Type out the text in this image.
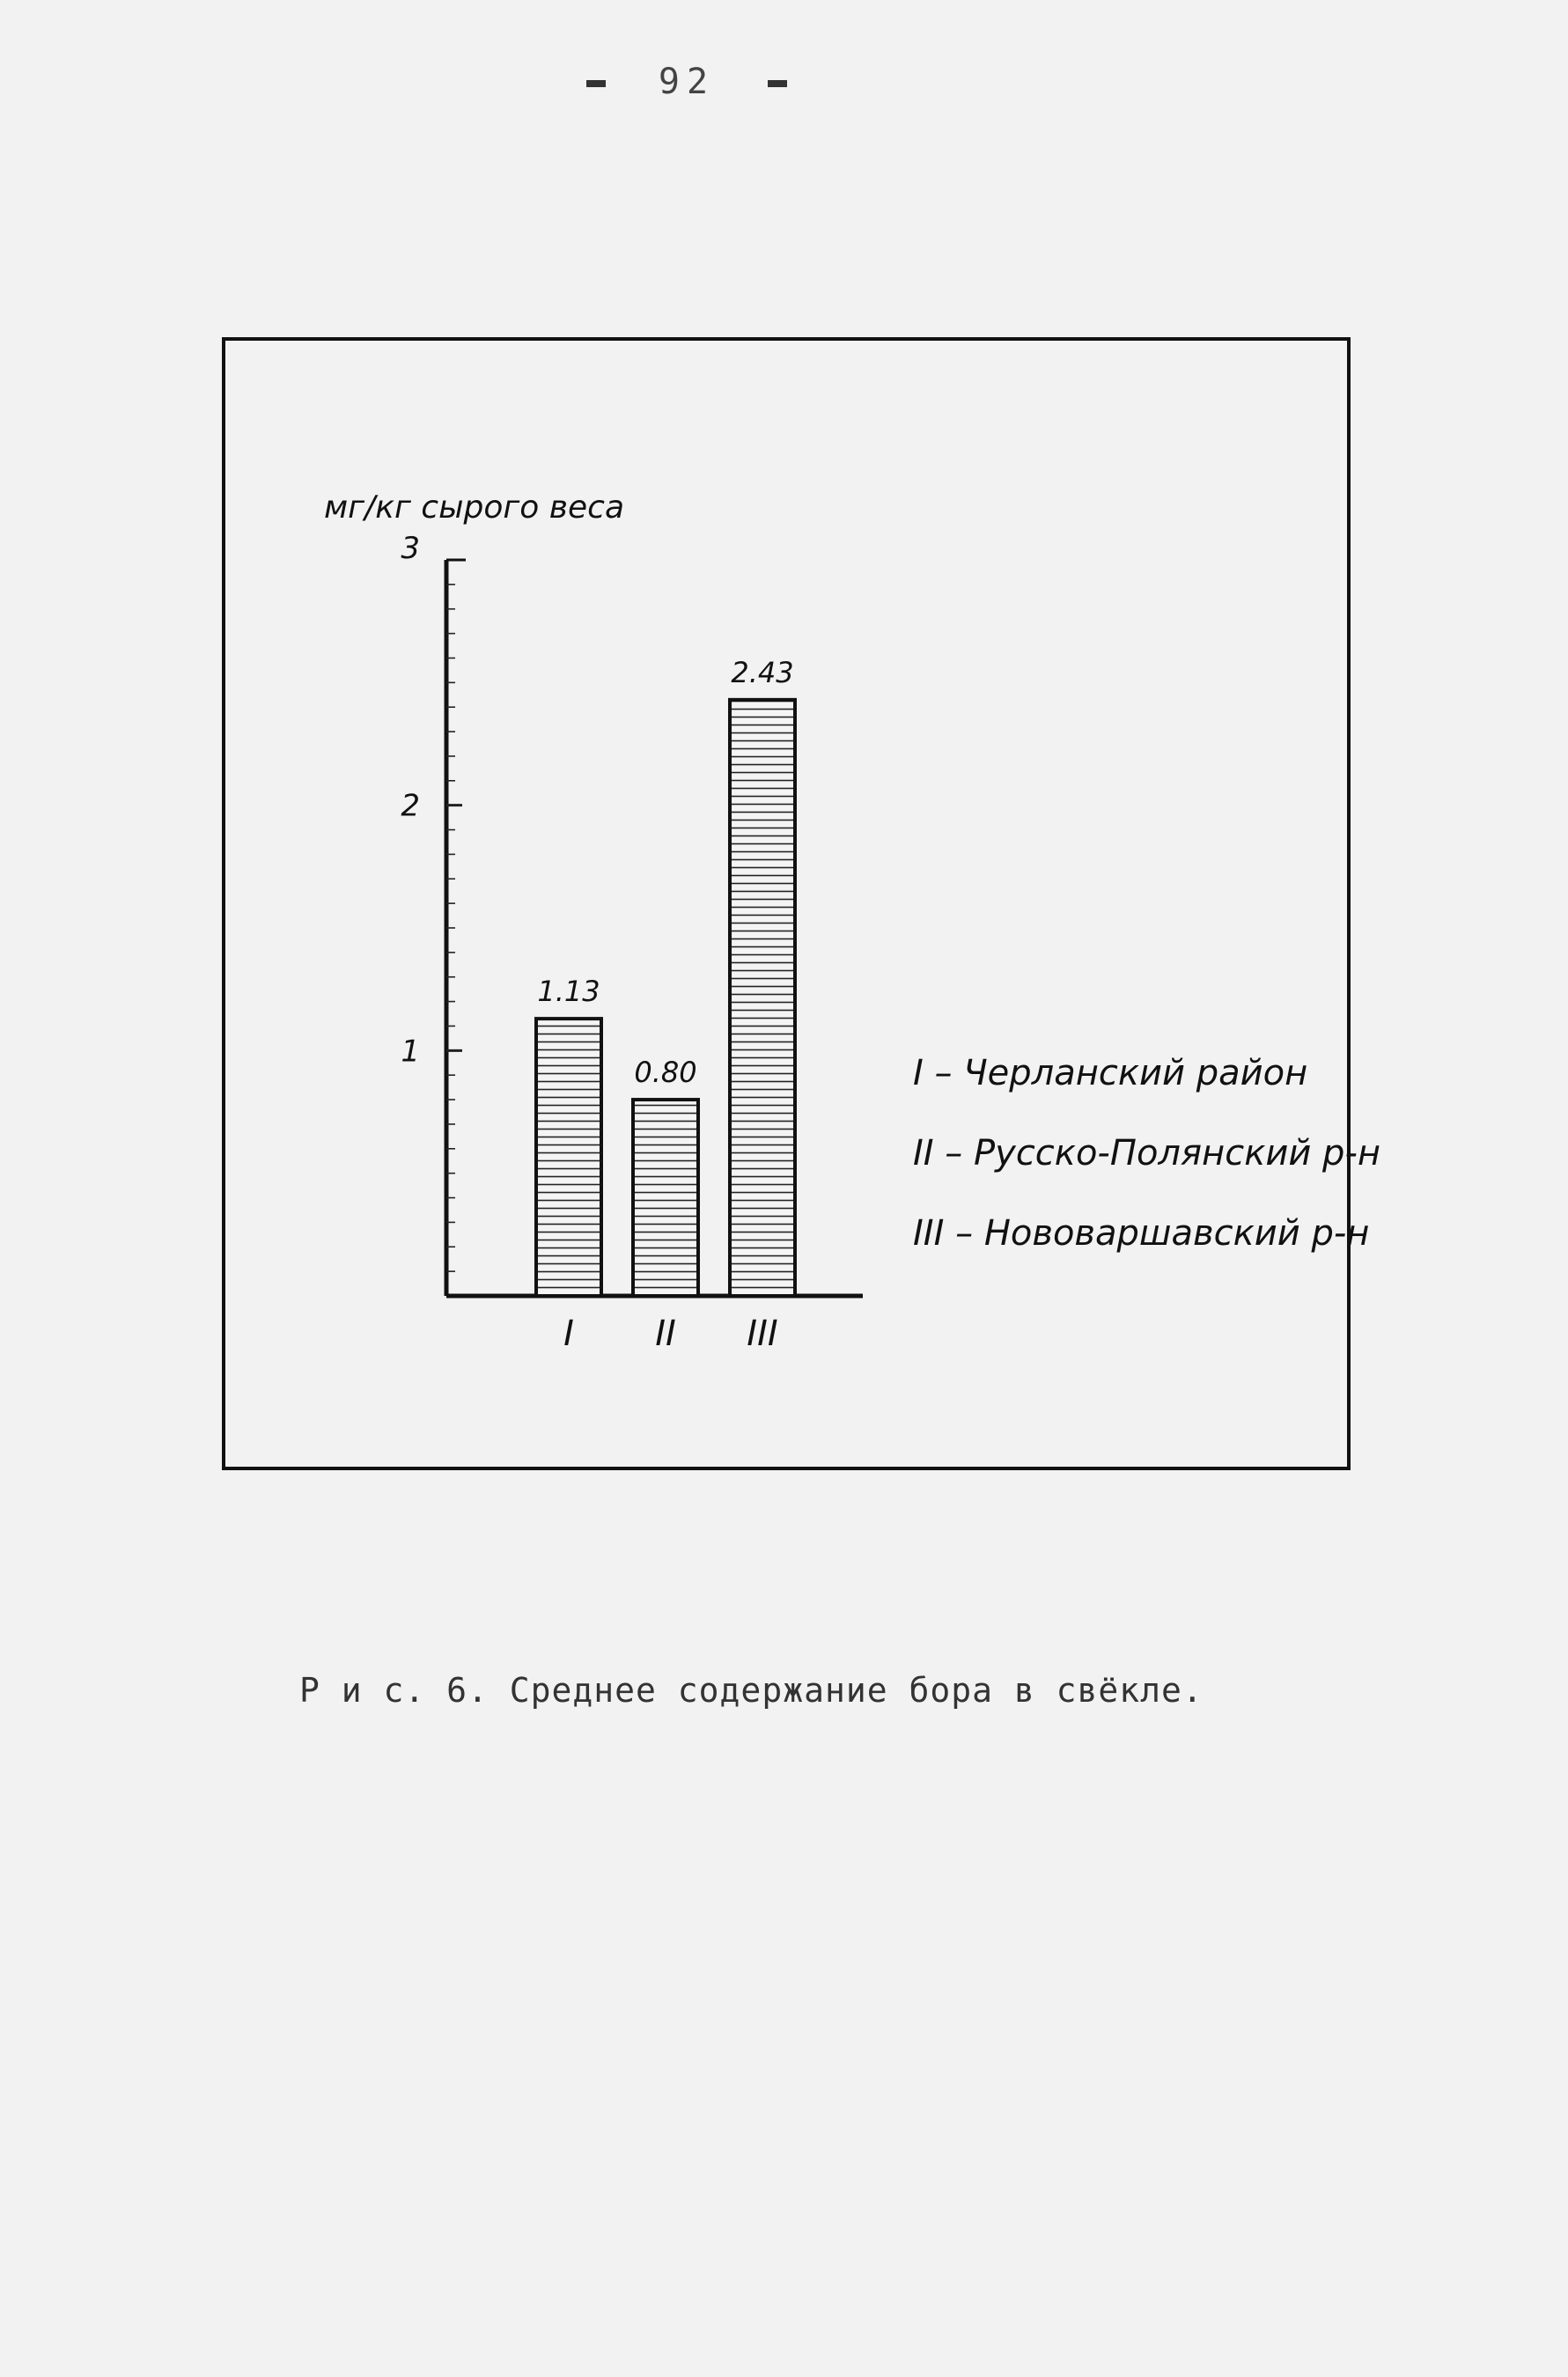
92
мг/кг сырого веса
1
2
3
1.13
I
0.80
II
2.43
III
I – Черланский район
II – Русско-Полянский р-н
III – Нововаршавский р-н
Р и с. 6. Среднее содержание бора в свёкле.
